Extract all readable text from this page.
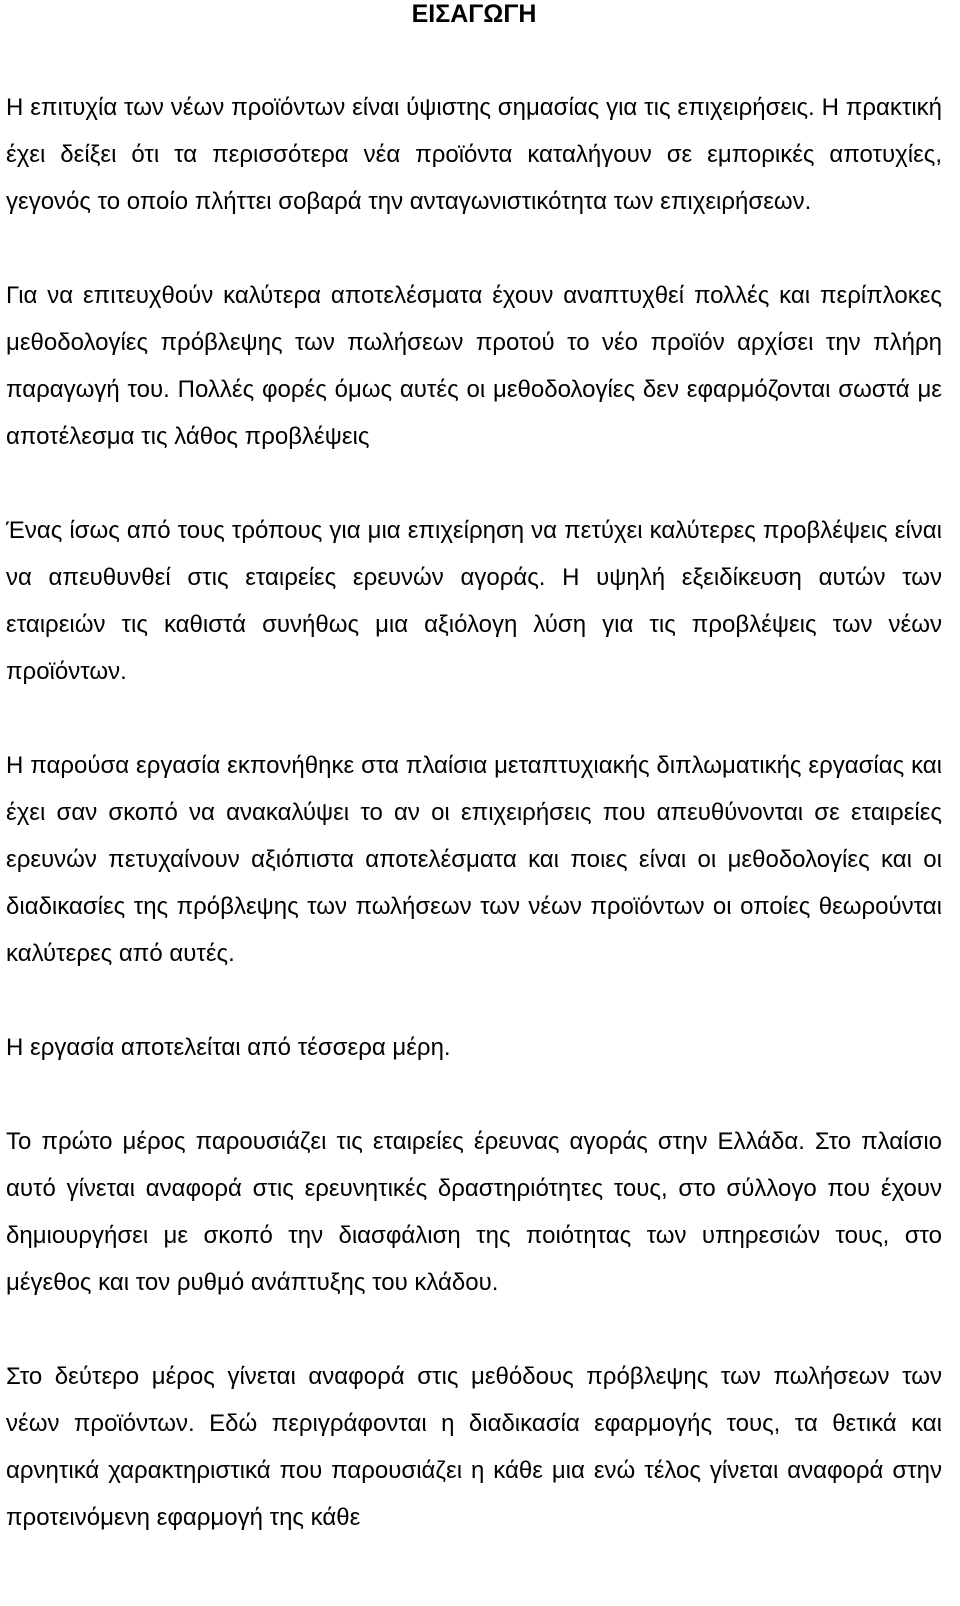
ΕΙΣΑΓΩΓΗ

Η επιτυχία των νέων προϊόντων είναι ύψιστης σημασίας για τις επιχειρήσεις. Η πρακτική έχει δείξει ότι τα περισσότερα νέα προϊόντα καταλήγουν σε εμπορικές αποτυχίες, γεγονός το οποίο πλήττει σοβαρά την ανταγωνιστικότητα των επιχειρήσεων.

Για να επιτευχθούν καλύτερα αποτελέσματα έχουν αναπτυχθεί πολλές και περίπλοκες μεθοδολογίες πρόβλεψης των πωλήσεων προτού το νέο προϊόν αρχίσει την πλήρη παραγωγή του. Πολλές φορές όμως αυτές οι μεθοδολογίες δεν εφαρμόζονται σωστά με αποτέλεσμα τις λάθος προβλέψεις

Ένας ίσως από τους τρόπους για μια επιχείρηση να πετύχει καλύτερες προβλέψεις είναι να απευθυνθεί στις εταιρείες ερευνών αγοράς. Η υψηλή εξειδίκευση αυτών των εταιρειών τις καθιστά συνήθως μια αξιόλογη λύση για τις προβλέψεις των νέων προϊόντων.

Η παρούσα εργασία εκπονήθηκε στα πλαίσια μεταπτυχιακής διπλωματικής εργασίας και έχει σαν σκοπό να ανακαλύψει το αν οι επιχειρήσεις που απευθύνονται σε εταιρείες ερευνών πετυχαίνουν αξιόπιστα αποτελέσματα και ποιες είναι οι μεθοδολογίες και οι διαδικασίες της πρόβλεψης των πωλήσεων των νέων προϊόντων οι οποίες θεωρούνται καλύτερες από αυτές.

Η εργασία αποτελείται από τέσσερα μέρη.

Το πρώτο μέρος παρουσιάζει τις εταιρείες έρευνας αγοράς στην Ελλάδα. Στο πλαίσιο αυτό γίνεται αναφορά στις ερευνητικές δραστηριότητες τους, στο σύλλογο που έχουν δημιουργήσει με σκοπό την διασφάλιση της ποιότητας των υπηρεσιών τους, στο μέγεθος και τον ρυθμό ανάπτυξης του κλάδου.

Στο δεύτερο μέρος γίνεται αναφορά στις μεθόδους πρόβλεψης των πωλήσεων των νέων προϊόντων. Εδώ περιγράφονται η διαδικασία εφαρμογής τους, τα θετικά και αρνητικά χαρακτηριστικά που παρουσιάζει η κάθε μια ενώ τέλος γίνεται αναφορά στην προτεινόμενη εφαρμογή της κάθε
